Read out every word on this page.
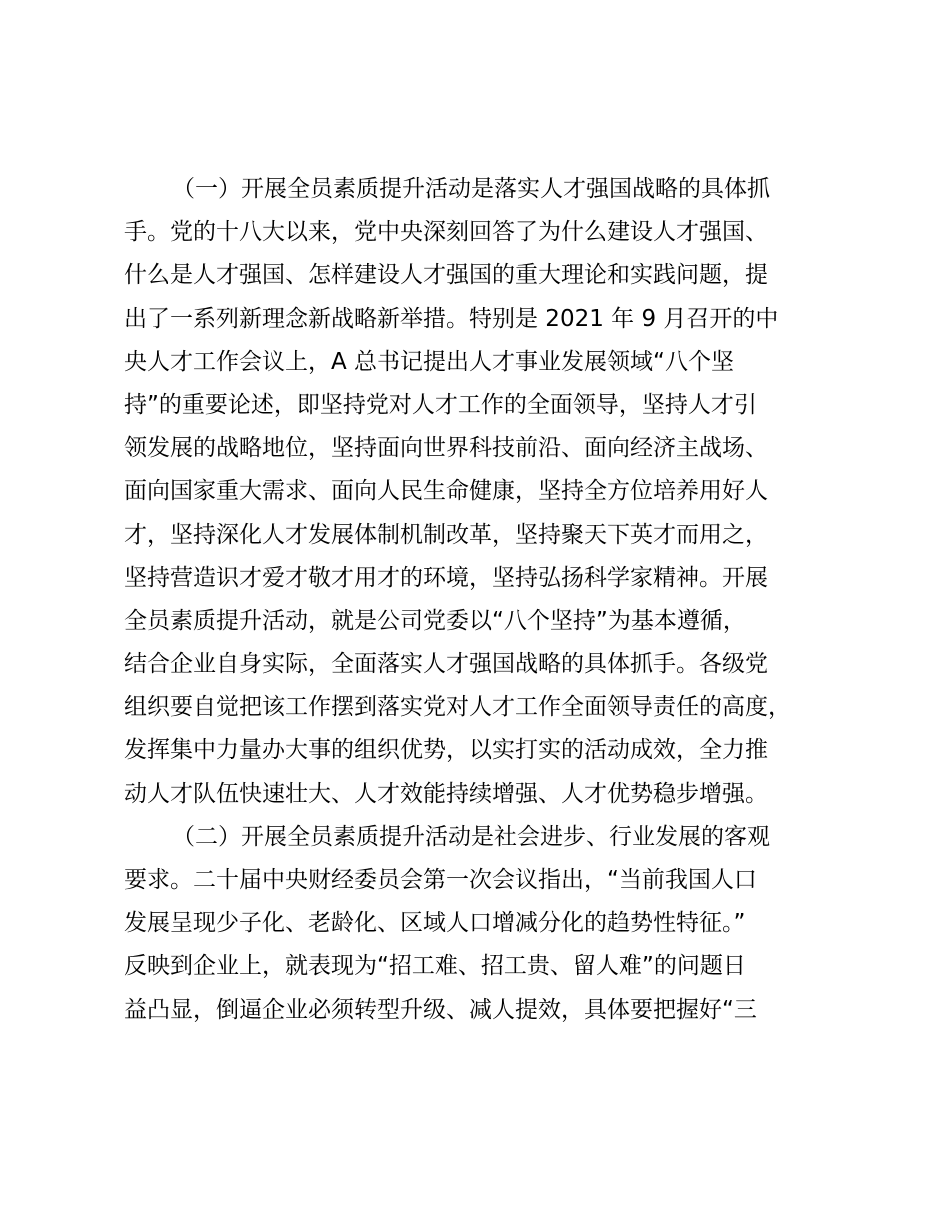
（一）开展全员素质提升活动是落实人才强国战略的具体抓
手。党的十八大以来，党中央深刻回答了为什么建设人才强国、
什么是人才强国、怎样建设人才强国的重大理论和实践问题，提
出了一系列新理念新战略新举措。特别是 2021 年 9 月召开的中
央人才工作会议上，A 总书记提出人才事业发展领域“八个坚
持”的重要论述，即坚持党对人才工作的全面领导，坚持人才引
领发展的战略地位，坚持面向世界科技前沿、面向经济主战场、
面向国家重大需求、面向人民生命健康，坚持全方位培养用好人
才，坚持深化人才发展体制机制改革，坚持聚天下英才而用之，
坚持营造识才爱才敬才用才的环境，坚持弘扬科学家精神。开展
全员素质提升活动，就是公司党委以“八个坚持”为基本遵循，
结合企业自身实际，全面落实人才强国战略的具体抓手。各级党
组织要自觉把该工作摆到落实党对人才工作全面领导责任的高度，
发挥集中力量办大事的组织优势，以实打实的活动成效，全力推
动人才队伍快速壮大、人才效能持续增强、人才优势稳步增强。
（二）开展全员素质提升活动是社会进步、行业发展的客观
要求。二十届中央财经委员会第一次会议指出，“当前我国人口
发展呈现少子化、老龄化、区域人口增减分化的趋势性特征。”
反映到企业上，就表现为“招工难、招工贵、留人难”的问题日
益凸显，倒逼企业必须转型升级、减人提效，具体要把握好“三
